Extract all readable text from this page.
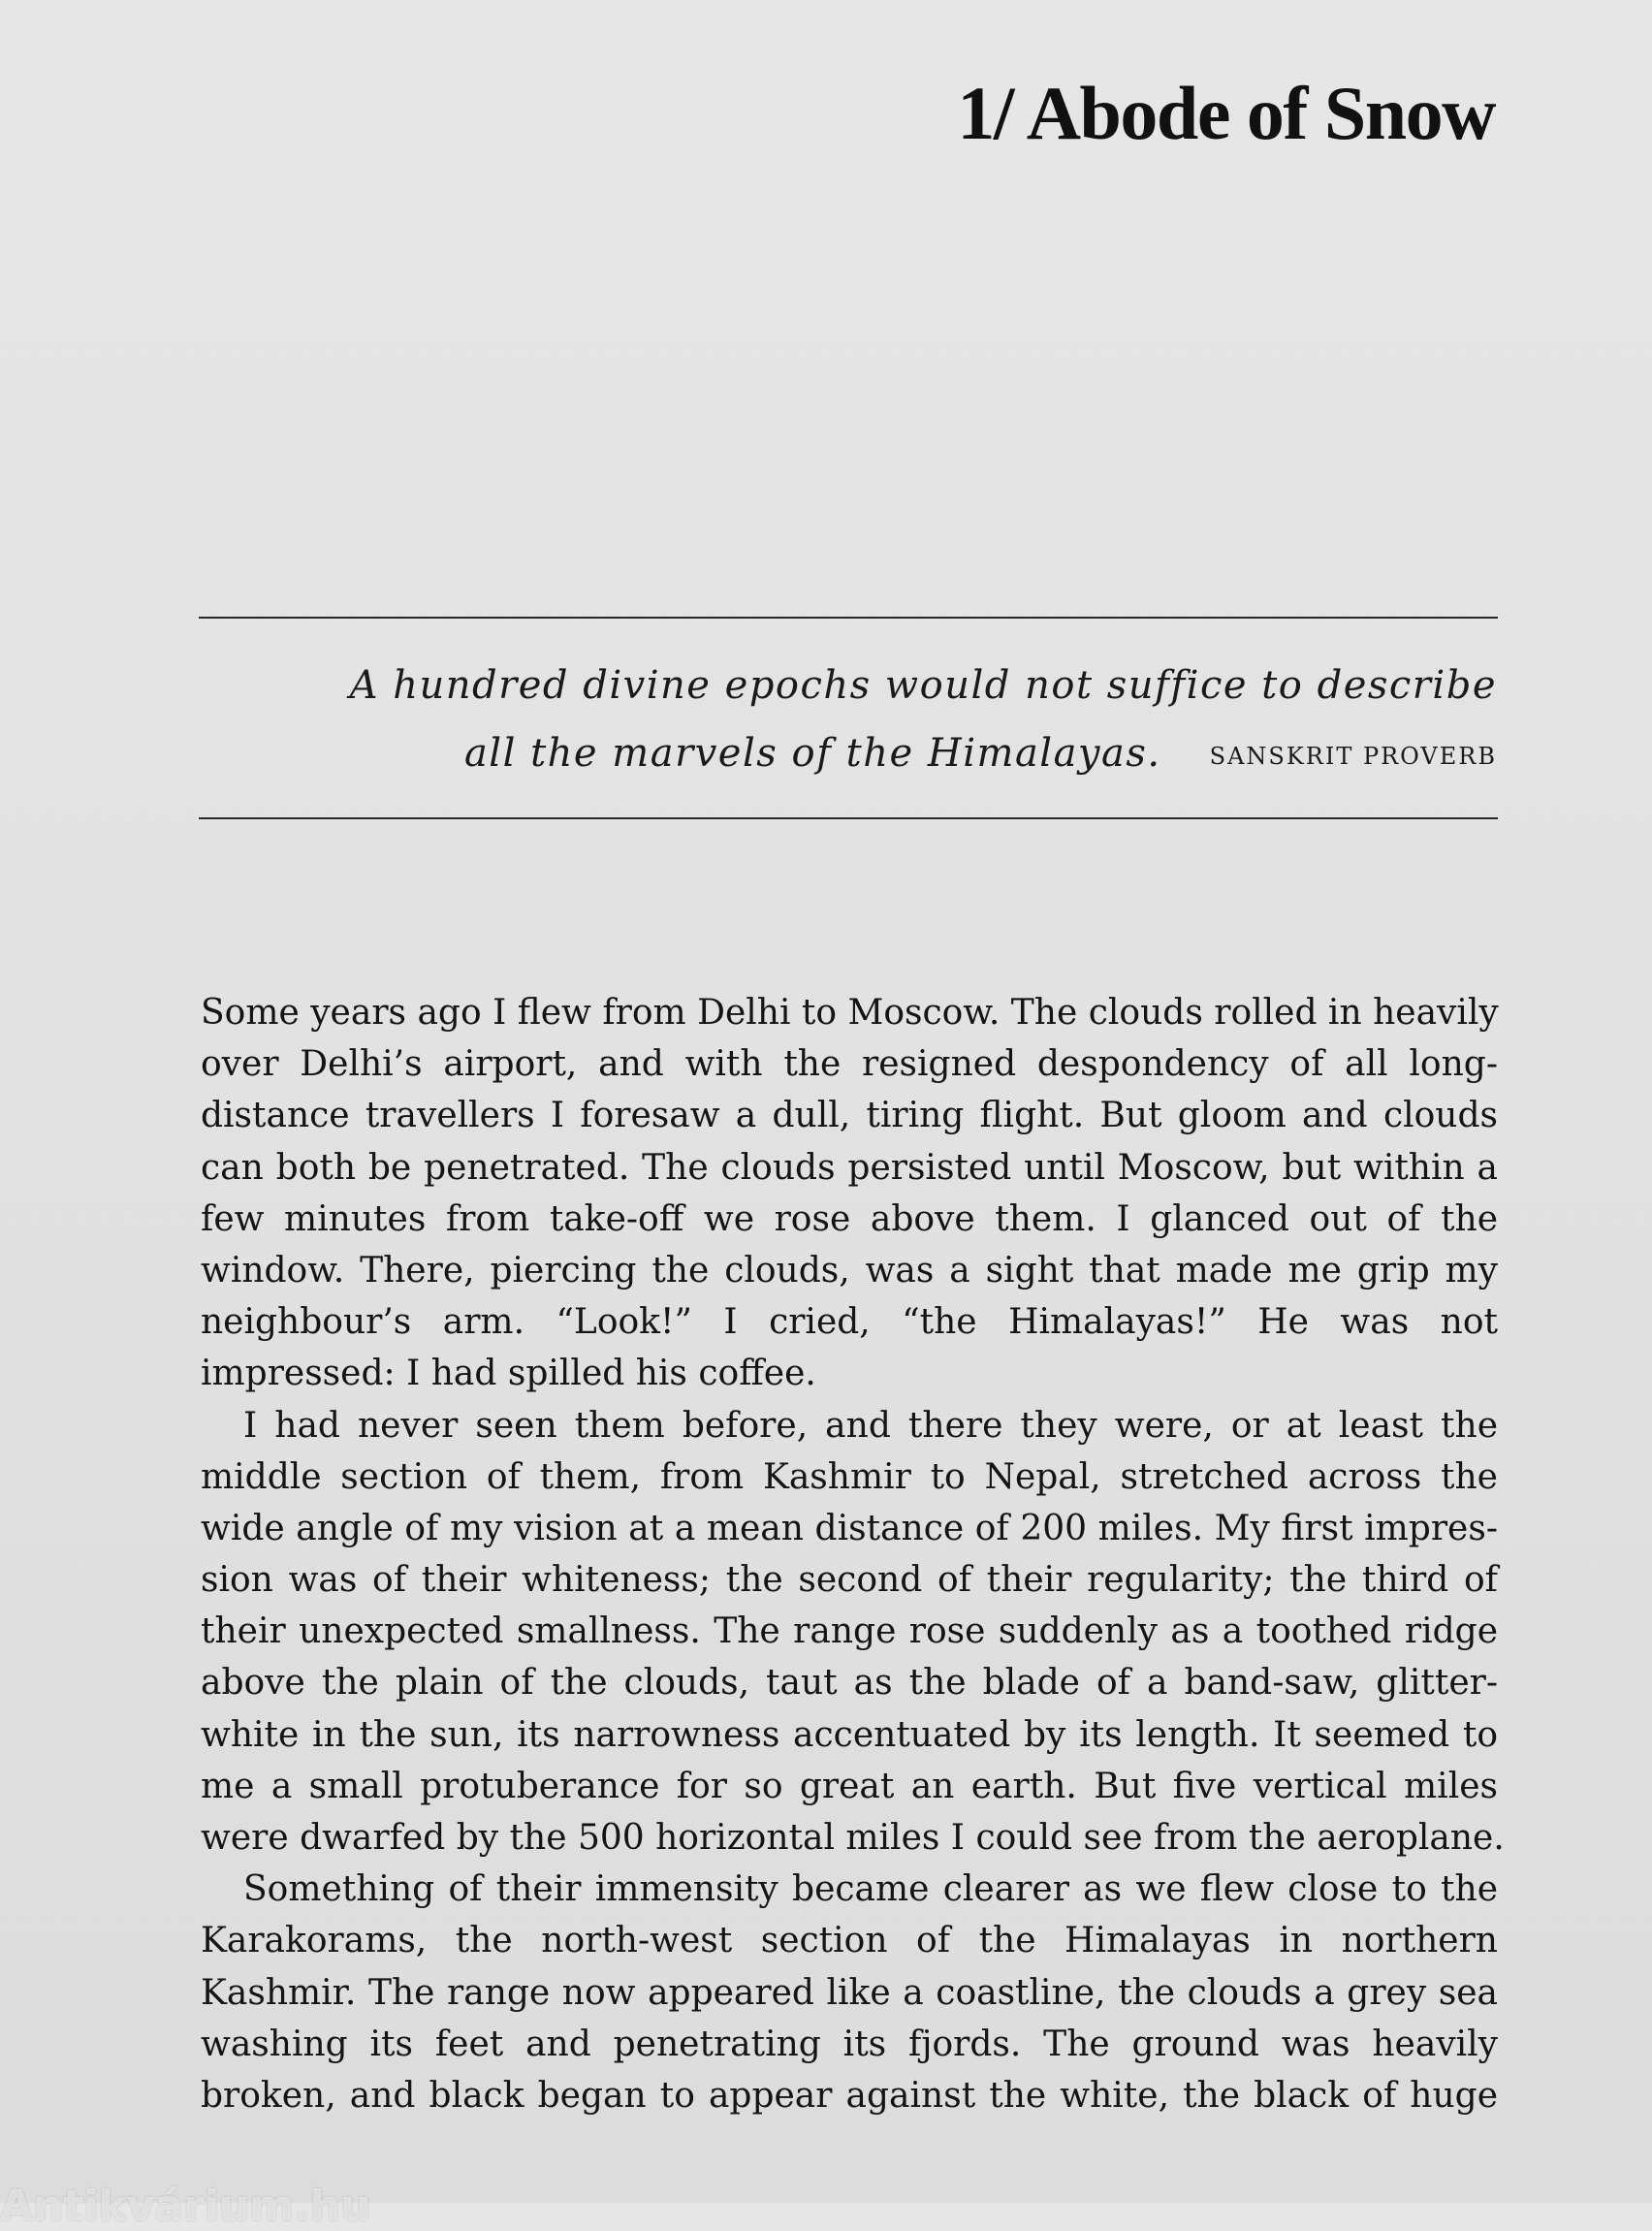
1/ Abode of Snow
A hundred divine epochs would not suffice to describe
all the marvels of the Himalayas. SANSKRIT PROVERB
Some years ago I flew from Delhi to Moscow. The clouds rolled in heavily
over Delhi’s airport, and with the resigned despondency of all long-
distance travellers I foresaw a dull, tiring flight. But gloom and clouds
can both be penetrated. The clouds persisted until Moscow, but within a
few minutes from take-off we rose above them. I glanced out of the
window. There, piercing the clouds, was a sight that made me grip my
neighbour’s arm. “Look!” I cried, “the Himalayas!” He was not
impressed: I had spilled his coffee.
I had never seen them before, and there they were, or at least the
middle section of them, from Kashmir to Nepal, stretched across the
wide angle of my vision at a mean distance of 200 miles. My first impres-
sion was of their whiteness; the second of their regularity; the third of
their unexpected smallness. The range rose suddenly as a toothed ridge
above the plain of the clouds, taut as the blade of a band-saw, glitter-
white in the sun, its narrowness accentuated by its length. It seemed to
me a small protuberance for so great an earth. But five vertical miles
were dwarfed by the 500 horizontal miles I could see from the aeroplane.
Something of their immensity became clearer as we flew close to the
Karakorams, the north-west section of the Himalayas in northern
Kashmir. The range now appeared like a coastline, the clouds a grey sea
washing its feet and penetrating its fjords. The ground was heavily
broken, and black began to appear against the white, the black of huge
Antikvárium.hu
